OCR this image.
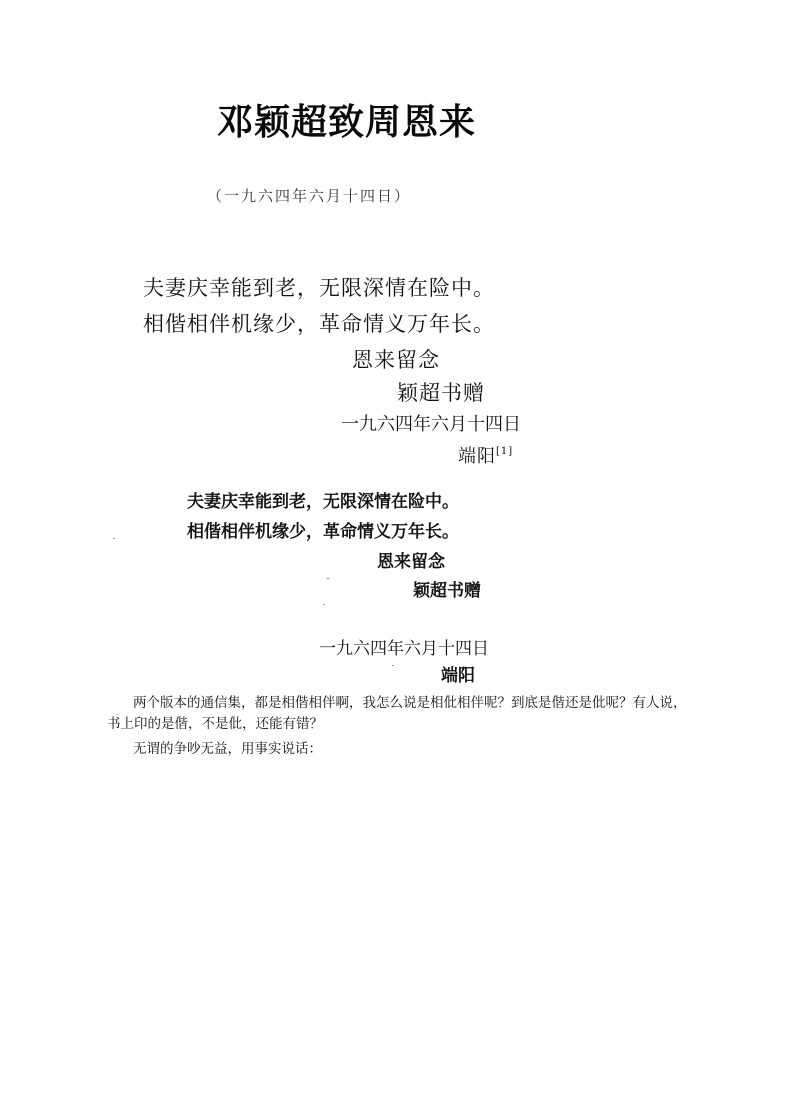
邓颖超致周恩来
（一九六四年六月十四日）
夫妻庆幸能到老，无限深情在险中。
相偕相伴机缘少，革命情义万年长。
恩来留念
颖超书赠
一九六四年六月十四日
端阳[1]
夫妻庆幸能到老，无限深情在险中。
相偕相伴机缘少，革命情义万年长。
恩来留念
颖超书赠
一九六四年六月十四日
端阳
两个版本的通信集，都是相偕相伴啊，我怎么说是相仳相伴呢？到底是偕还是仳呢？有人说，书上印的是偕，不是仳，还能有错？
无谓的争吵无益，用事实说话：
